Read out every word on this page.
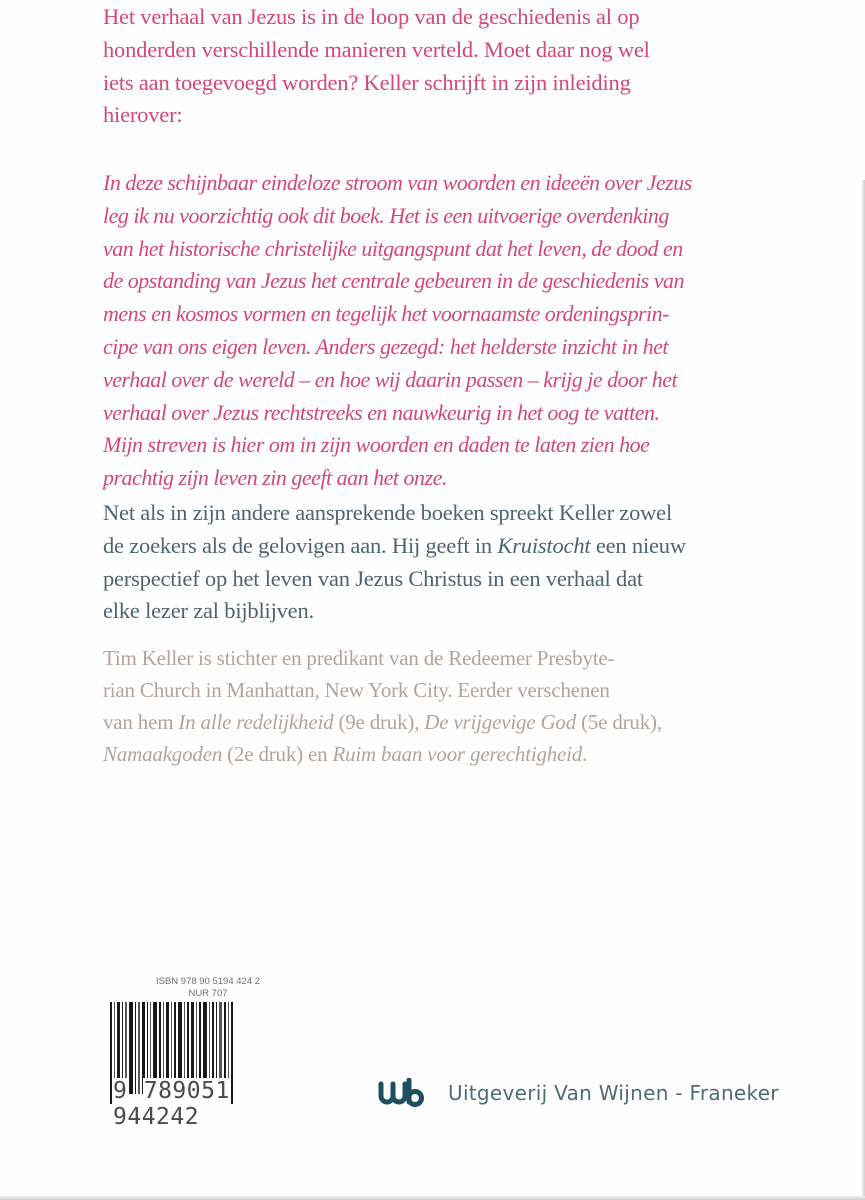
Het verhaal van Jezus is in de loop van de geschiedenis al op
honderden verschillende manieren verteld. Moet daar nog wel
iets aan toegevoegd worden? Keller schrijft in zijn inleiding
hierover:

In deze schijnbaar eindeloze stroom van woorden en ideeën over Jezus
leg ik nu voorzichtig ook dit boek. Het is een uitvoerige overdenking
van het historische christelijke uitgangspunt dat het leven, de dood en
de opstanding van Jezus het centrale gebeuren in de geschiedenis van
mens en kosmos vormen en tegelijk het voornaamste ordeningsprin-
cipe van ons eigen leven. Anders gezegd: het helderste inzicht in het
verhaal over de wereld – en hoe wij daarin passen – krijg je door het
verhaal over Jezus rechtstreeks en nauwkeurig in het oog te vatten.
Mijn streven is hier om in zijn woorden en daden te laten zien hoe
prachtig zijn leven zin geeft aan het onze.

Net als in zijn andere aansprekende boeken spreekt Keller zowel
de zoekers als de gelovigen aan. Hij geeft in Kruistocht een nieuw
perspectief op het leven van Jezus Christus in een verhaal dat
elke lezer zal bijblijven.

Tim Keller is stichter en predikant van de Redeemer Presbyte-
rian Church in Manhattan, New York City. Eerder verschenen
van hem In alle redelijkheid (9e druk), De vrijgevige God (5e druk),
Namaakgoden (2e druk) en Ruim baan voor gerechtigheid.

ISBN 978 90 5194 424 2
NUR 707
9 789051 944242
Uitgeverij Van Wijnen - Franeker
